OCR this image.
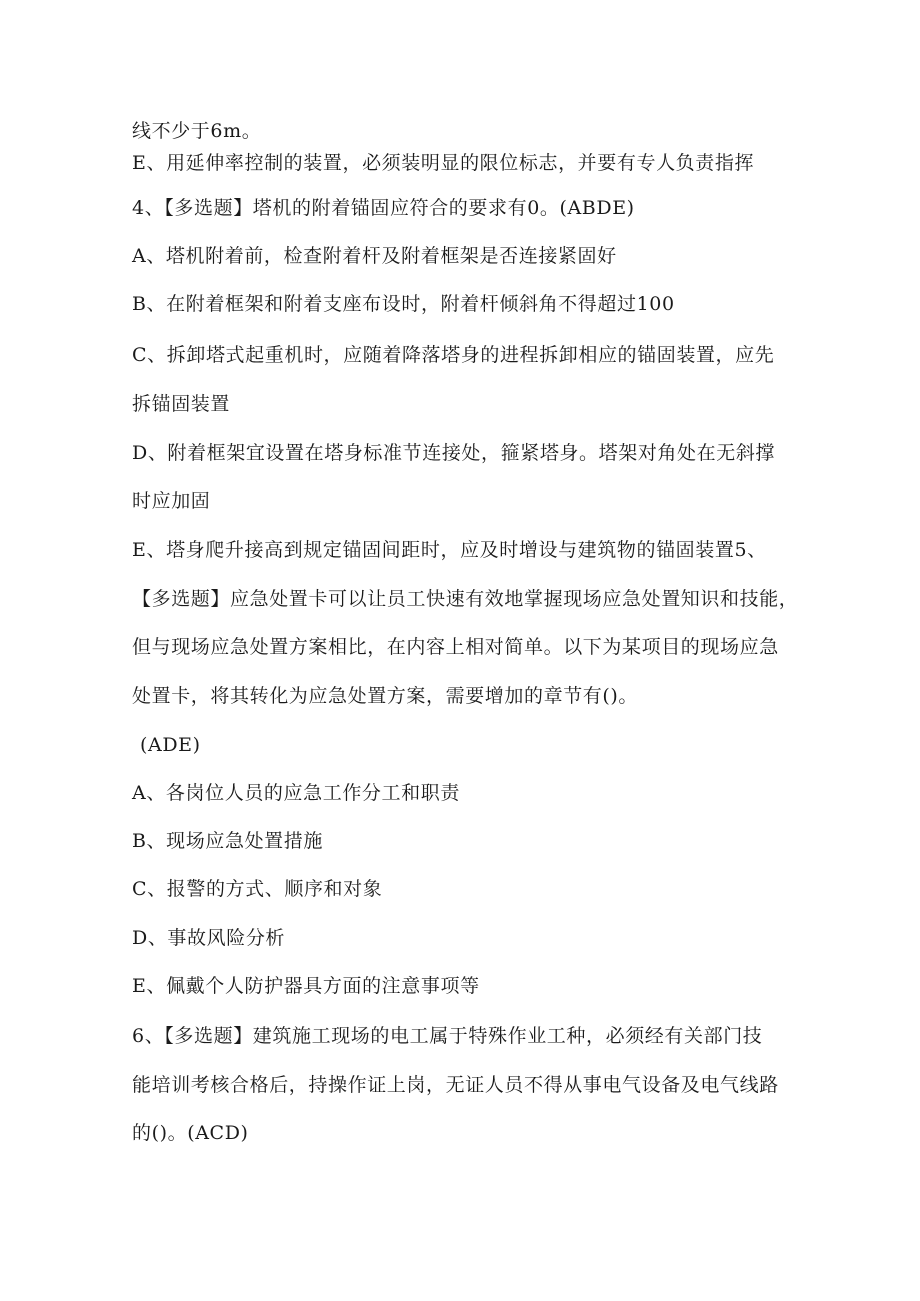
线不少于6m。
E、用延伸率控制的装置，必须装明显的限位标志，并要有专人负责指挥
4、【多选题】塔机的附着锚固应符合的要求有0。(ABDE)
A、塔机附着前，检查附着杆及附着框架是否连接紧固好
B、在附着框架和附着支座布设时，附着杆倾斜角不得超过100
C、拆卸塔式起重机时，应随着降落塔身的进程拆卸相应的锚固装置，应先
拆锚固装置
D、附着框架宜设置在塔身标准节连接处，箍紧塔身。塔架对角处在无斜撑
时应加固
E、塔身爬升接高到规定锚固间距时，应及时增设与建筑物的锚固装置5、
【多选题】应急处置卡可以让员工快速有效地掌握现场应急处置知识和技能，
但与现场应急处置方案相比，在内容上相对简单。以下为某项目的现场应急
处置卡，将其转化为应急处置方案，需要增加的章节有()。
(ADE)
A、各岗位人员的应急工作分工和职责
B、现场应急处置措施
C、报警的方式、顺序和对象
D、事故风险分析
E、佩戴个人防护器具方面的注意事项等
6、【多选题】建筑施工现场的电工属于特殊作业工种，必须经有关部门技
能培训考核合格后，持操作证上岗，无证人员不得从事电气设备及电气线路
的()。(ACD)
